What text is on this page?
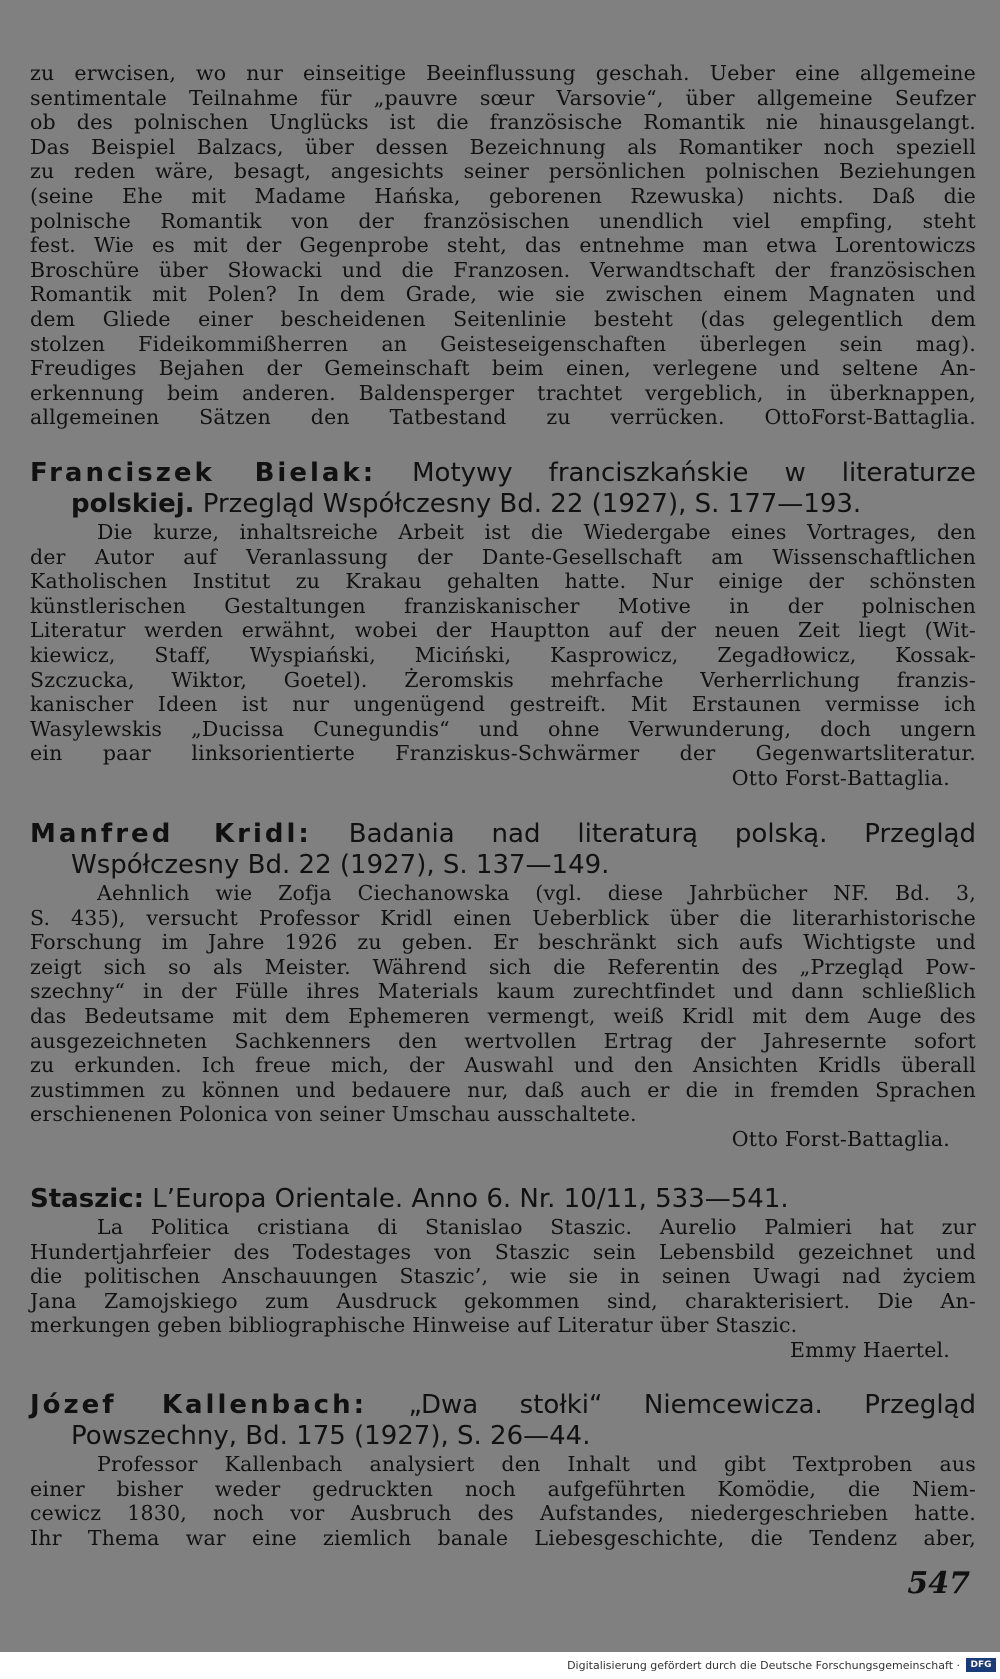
zu erwcisen, wo nur einseitige Beeinflussung geschah. Ueber eine allgemeine

sentimentale Teilnahme für „pauvre sœur Varsovie“, über allgemeine Seufzer

ob des polnischen Unglücks ist die französische Romantik nie hinausgelangt.

Das Beispiel Balzacs, über dessen Bezeichnung als Romantiker noch speziell

zu reden wäre, besagt, angesichts seiner persönlichen polnischen Beziehungen

(seine Ehe mit Madame Hańska, geborenen Rzewuska) nichts. Daß die

polnische Romantik von der französischen unendlich viel empfing, steht

fest. Wie es mit der Gegenprobe steht, das entnehme man etwa Lorentowiczs

Broschüre über Słowacki und die Franzosen. Verwandtschaft der französischen

Romantik mit Polen? In dem Grade, wie sie zwischen einem Magnaten und

dem Gliede einer bescheidenen Seitenlinie besteht (das gelegentlich dem

stolzen Fideikommißherren an Geisteseigenschaften überlegen sein mag).

Freudiges Bejahen der Gemeinschaft beim einen, verlegene und seltene An-

erkennung beim anderen. Baldensperger trachtet vergeblich, in überknappen,

allgemeinen Sätzen den Tatbestand zu verrücken. OttoForst-Battaglia.

Franciszek Bielak: Motywy franciszkańskie w literaturze

polskiej. Przegląd Współczesny Bd. 22 (1927), S. 177—193.

Die kurze, inhaltsreiche Arbeit ist die Wiedergabe eines Vortrages, den

der Autor auf Veranlassung der Dante-Gesellschaft am Wissenschaftlichen

Katholischen Institut zu Krakau gehalten hatte. Nur einige der schönsten

künstlerischen Gestaltungen franziskanischer Motive in der polnischen

Literatur werden erwähnt, wobei der Hauptton auf der neuen Zeit liegt (Wit-

kiewicz, Staff, Wyspiański, Miciński, Kasprowicz, Zegadłowicz, Kossak-

Szczucka, Wiktor, Goetel). Żeromskis mehrfache Verherrlichung franzis-

kanischer Ideen ist nur ungenügend gestreift. Mit Erstaunen vermisse ich

Wasylewskis „Ducissa Cunegundis“ und ohne Verwunderung, doch ungern

ein paar linksorientierte Franziskus-Schwärmer der Gegenwartsliteratur.

Otto Forst-Battaglia.

Manfred Kridl: Badania nad literaturą polską. Przegląd

Współczesny Bd. 22 (1927), S. 137—149.

Aehnlich wie Zofja Ciechanowska (vgl. diese Jahrbücher NF. Bd. 3,

S. 435), versucht Professor Kridl einen Ueberblick über die literarhistorische

Forschung im Jahre 1926 zu geben. Er beschränkt sich aufs Wichtigste und

zeigt sich so als Meister. Während sich die Referentin des „Przegląd Pow-

szechny“ in der Fülle ihres Materials kaum zurechtfindet und dann schließlich

das Bedeutsame mit dem Ephemeren vermengt, weiß Kridl mit dem Auge des

ausgezeichneten Sachkenners den wertvollen Ertrag der Jahresernte sofort

zu erkunden. Ich freue mich, der Auswahl und den Ansichten Kridls überall

zustimmen zu können und bedauere nur, daß auch er die in fremden Sprachen

erschienenen Polonica von seiner Umschau ausschaltete.

Otto Forst-Battaglia.

Staszic: L’Europa Orientale. Anno 6. Nr. 10/11, 533—541.

La Politica cristiana di Stanislao Staszic. Aurelio Palmieri hat zur

Hundertjahrfeier des Todestages von Staszic sein Lebensbild gezeichnet und

die politischen Anschauungen Staszic’, wie sie in seinen Uwagi nad życiem

Jana Zamojskiego zum Ausdruck gekommen sind, charakterisiert. Die An-

merkungen geben bibliographische Hinweise auf Literatur über Staszic.

Emmy Haertel.

Józef Kallenbach: „Dwa stołki“ Niemcewicza. Przegląd

Powszechny, Bd. 175 (1927), S. 26—44.

Professor Kallenbach analysiert den Inhalt und gibt Textproben aus

einer bisher weder gedruckten noch aufgeführten Komödie, die Niem-

cewicz 1830, noch vor Ausbruch des Aufstandes, niedergeschrieben hatte.

Ihr Thema war eine ziemlich banale Liebesgeschichte, die Tendenz aber,

547
Digitalisierung gefördert durch die Deutsche Forschungsgemeinschaft ·	DFG
